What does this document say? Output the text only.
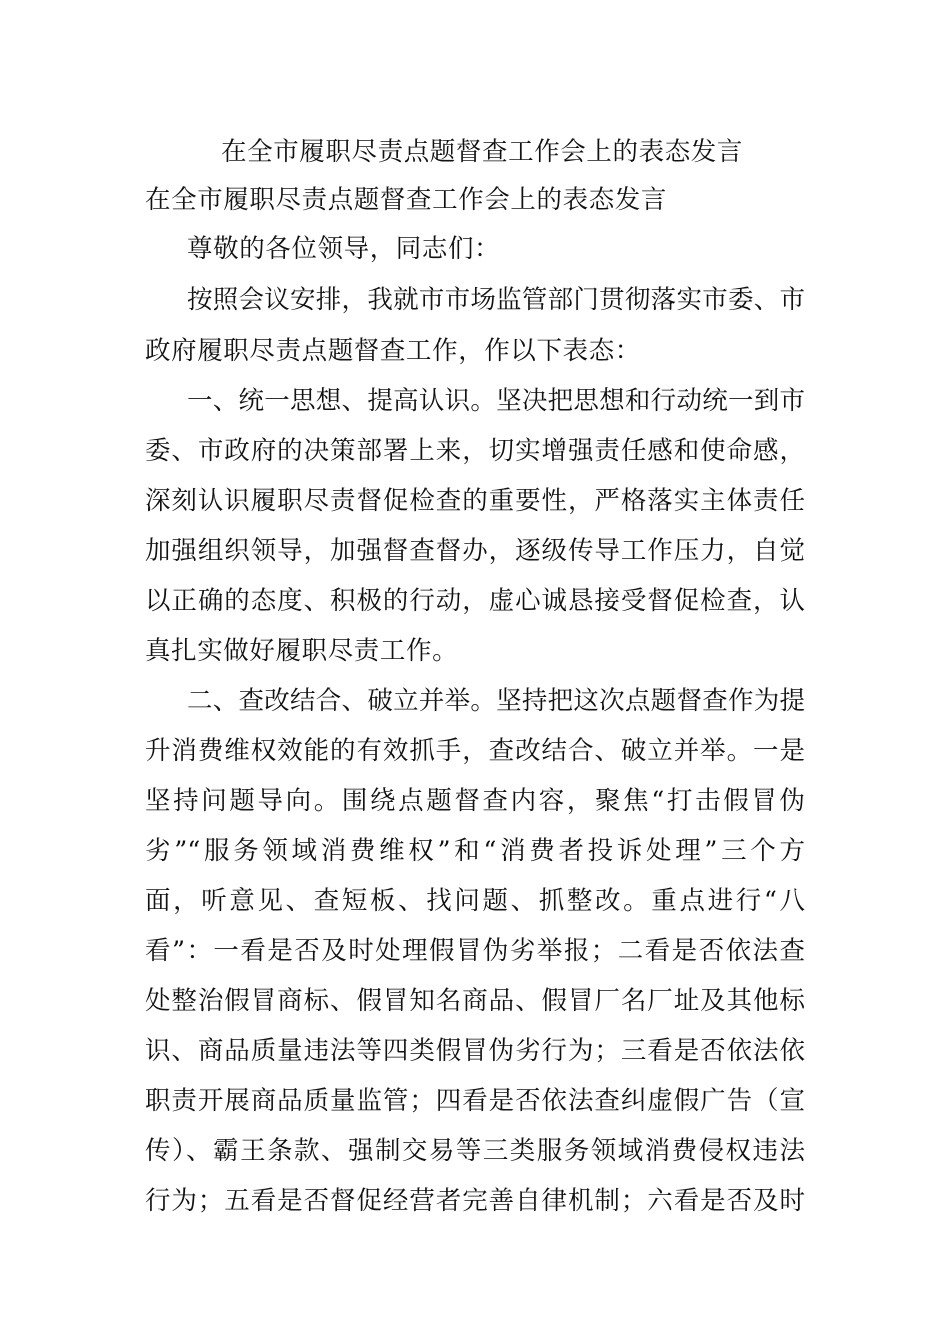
在全市履职尽责点题督查工作会上的表态发言
在全市履职尽责点题督查工作会上的表态发言
尊敬的各位领导，同志们：
按照会议安排，我就市市场监管部门贯彻落实市委、市
政府履职尽责点题督查工作，作以下表态：
一、统一思想、提高认识。坚决把思想和行动统一到市
委、市政府的决策部署上来，切实增强责任感和使命感，
深刻认识履职尽责督促检查的重要性，严格落实主体责任
加强组织领导，加强督查督办，逐级传导工作压力，自觉
以正确的态度、积极的行动，虚心诚恳接受督促检查，认
真扎实做好履职尽责工作。
二、查改结合、破立并举。坚持把这次点题督查作为提
升消费维权效能的有效抓手，查改结合、破立并举。一是
坚持问题导向。围绕点题督查内容，聚焦“打击假冒伪
劣”“服务领域消费维权”和“消费者投诉处理”三个方
面，听意见、查短板、找问题、抓整改。重点进行“八
看”：一看是否及时处理假冒伪劣举报；二看是否依法查
处整治假冒商标、假冒知名商品、假冒厂名厂址及其他标
识、商品质量违法等四类假冒伪劣行为；三看是否依法依
职责开展商品质量监管；四看是否依法查纠虚假广告（宣
传）、霸王条款、强制交易等三类服务领域消费侵权违法
行为；五看是否督促经营者完善自律机制；六看是否及时
